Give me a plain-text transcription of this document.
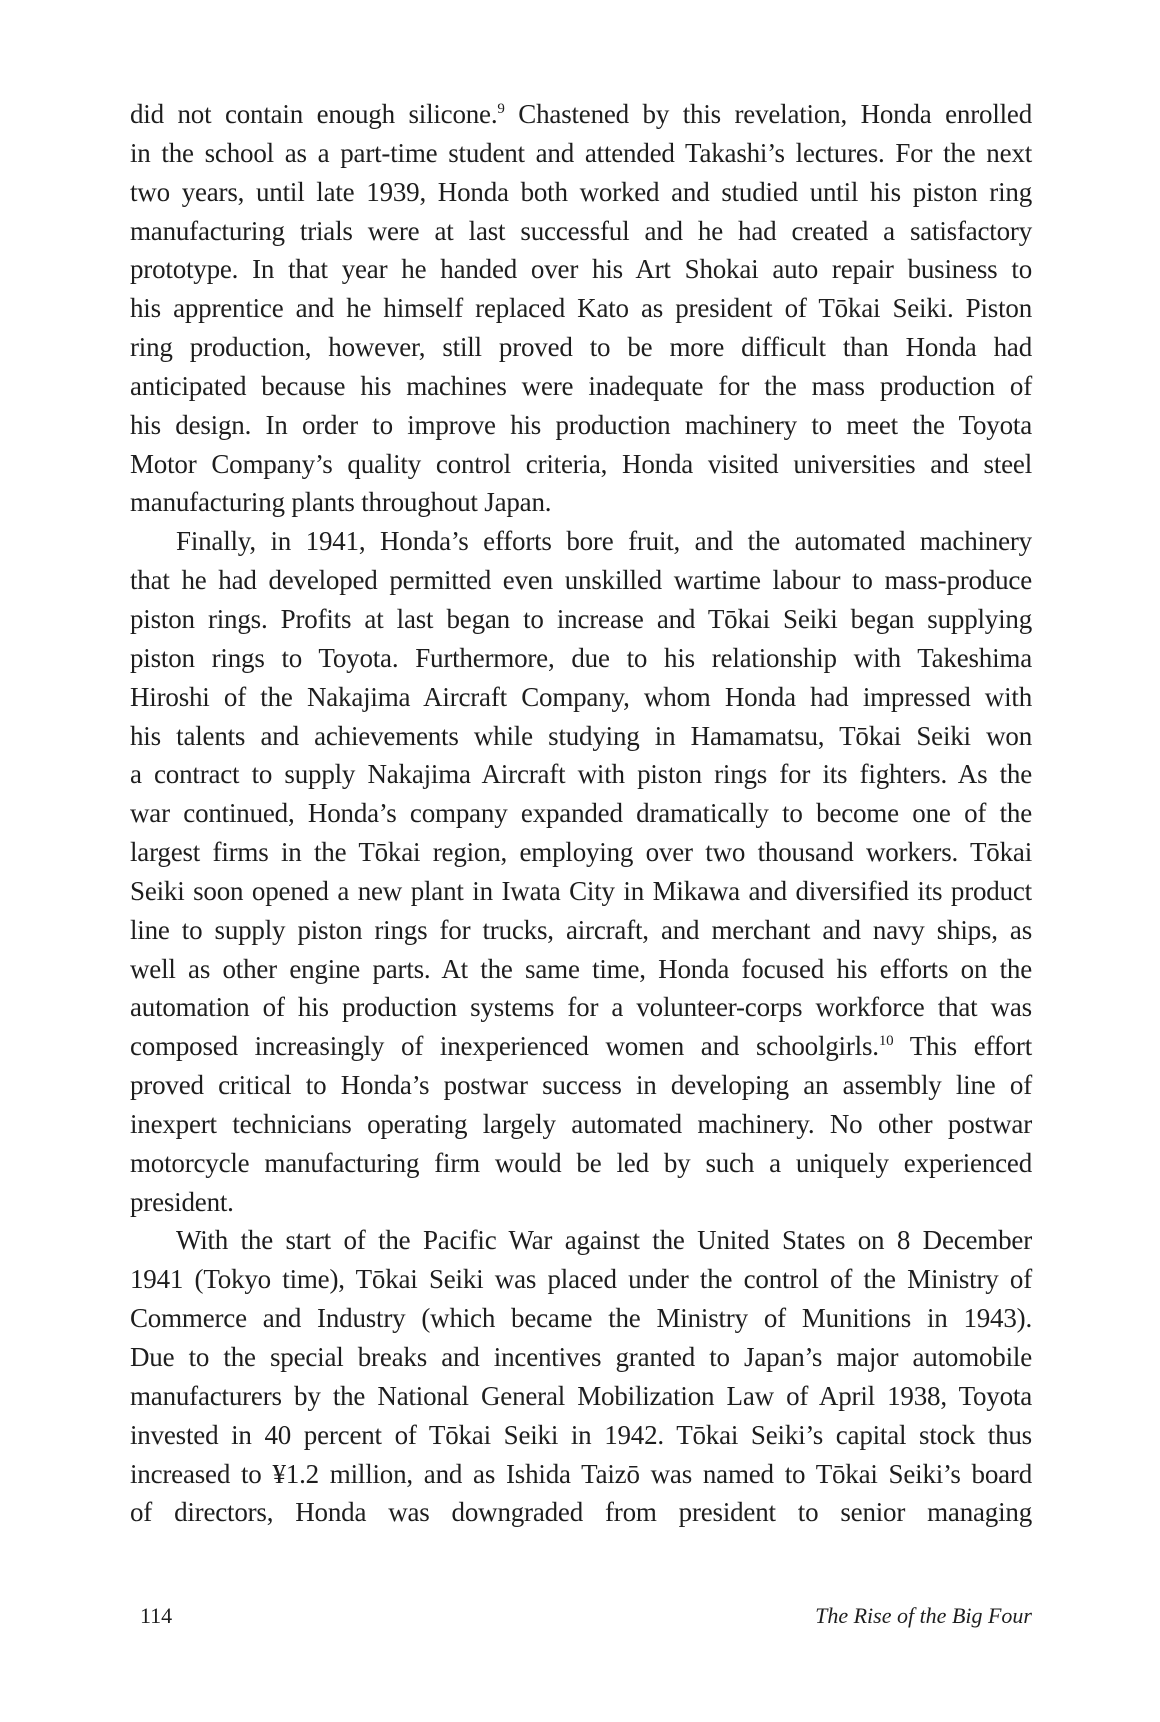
did not contain enough silicone.$^9$ Chastened by this revelation, Honda enrolled
in the school as a part-time student and attended Takashi’s lectures. For the next
two years, until late 1939, Honda both worked and studied until his piston ring
manufacturing trials were at last successful and he had created a satisfactory
prototype. In that year he handed over his Art Shokai auto repair business to
his apprentice and he himself replaced Kato as president of Tōkai Seiki. Piston
ring production, however, still proved to be more difficult than Honda had
anticipated because his machines were inadequate for the mass production of
his design. In order to improve his production machinery to meet the Toyota
Motor Company’s quality control criteria, Honda visited universities and steel
manufacturing plants throughout Japan.
Finally, in 1941, Honda’s efforts bore fruit, and the automated machinery
that he had developed permitted even unskilled wartime labour to mass-produce
piston rings. Profits at last began to increase and Tōkai Seiki began supplying
piston rings to Toyota. Furthermore, due to his relationship with Takeshima
Hiroshi of the Nakajima Aircraft Company, whom Honda had impressed with
his talents and achievements while studying in Hamamatsu, Tōkai Seiki won
a contract to supply Nakajima Aircraft with piston rings for its fighters. As the
war continued, Honda’s company expanded dramatically to become one of the
largest firms in the Tōkai region, employing over two thousand workers. Tōkai
Seiki soon opened a new plant in Iwata City in Mikawa and diversified its product
line to supply piston rings for trucks, aircraft, and merchant and navy ships, as
well as other engine parts. At the same time, Honda focused his efforts on the
automation of his production systems for a volunteer-corps workforce that was
composed increasingly of inexperienced women and schoolgirls.$^{10}$ This effort
proved critical to Honda’s postwar success in developing an assembly line of
inexpert technicians operating largely automated machinery. No other postwar
motorcycle manufacturing firm would be led by such a uniquely experienced
president.
With the start of the Pacific War against the United States on 8 December
1941 (Tokyo time), Tōkai Seiki was placed under the control of the Ministry of
Commerce and Industry (which became the Ministry of Munitions in 1943).
Due to the special breaks and incentives granted to Japan’s major automobile
manufacturers by the National General Mobilization Law of April 1938, Toyota
invested in 40 percent of Tōkai Seiki in 1942. Tōkai Seiki’s capital stock thus
increased to ¥1.2 million, and as Ishida Taizō was named to Tōkai Seiki’s board
of directors, Honda was downgraded from president to senior managing
114	The Rise of the Big Four
